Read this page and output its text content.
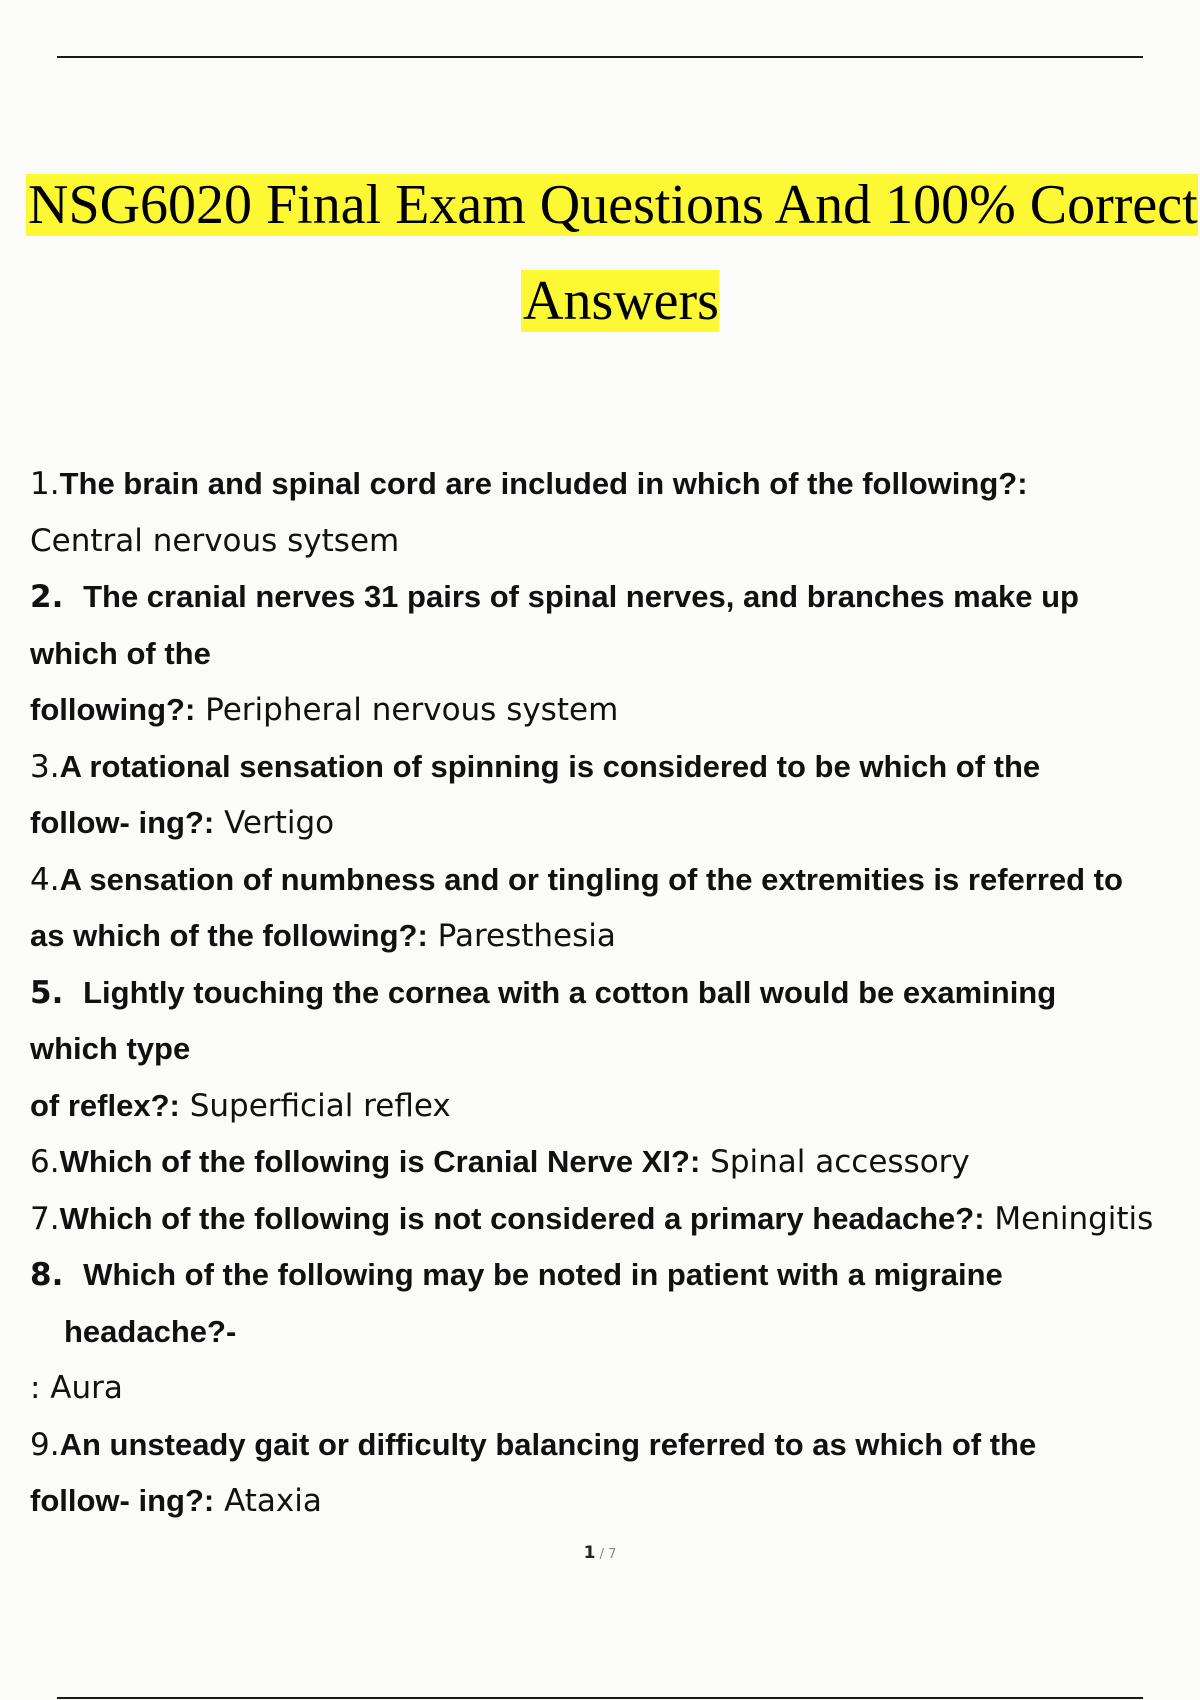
NSG6020 Final Exam Questions And 100% Correct
Answers
1.The brain and spinal cord are included in which of the following?:
Central nervous sytsem
2. The cranial nerves 31 pairs of spinal nerves, and branches make up
which of the
following?: Peripheral nervous system
3.A rotational sensation of spinning is considered to be which of the
follow- ing?: Vertigo
4.A sensation of numbness and or tingling of the extremities is referred to
as which of the following?: Paresthesia
5. Lightly touching the cornea with a cotton ball would be examining
which type
of reflex?: Superficial reflex
6.Which of the following is Cranial Nerve XI?: Spinal accessory
7.Which of the following is not considered a primary headache?: Meningitis
8. Which of the following may be noted in patient with a migraine
headache?-
: Aura
9.An unsteady gait or difficulty balancing referred to as which of the
follow- ing?: Ataxia
1 / 7
